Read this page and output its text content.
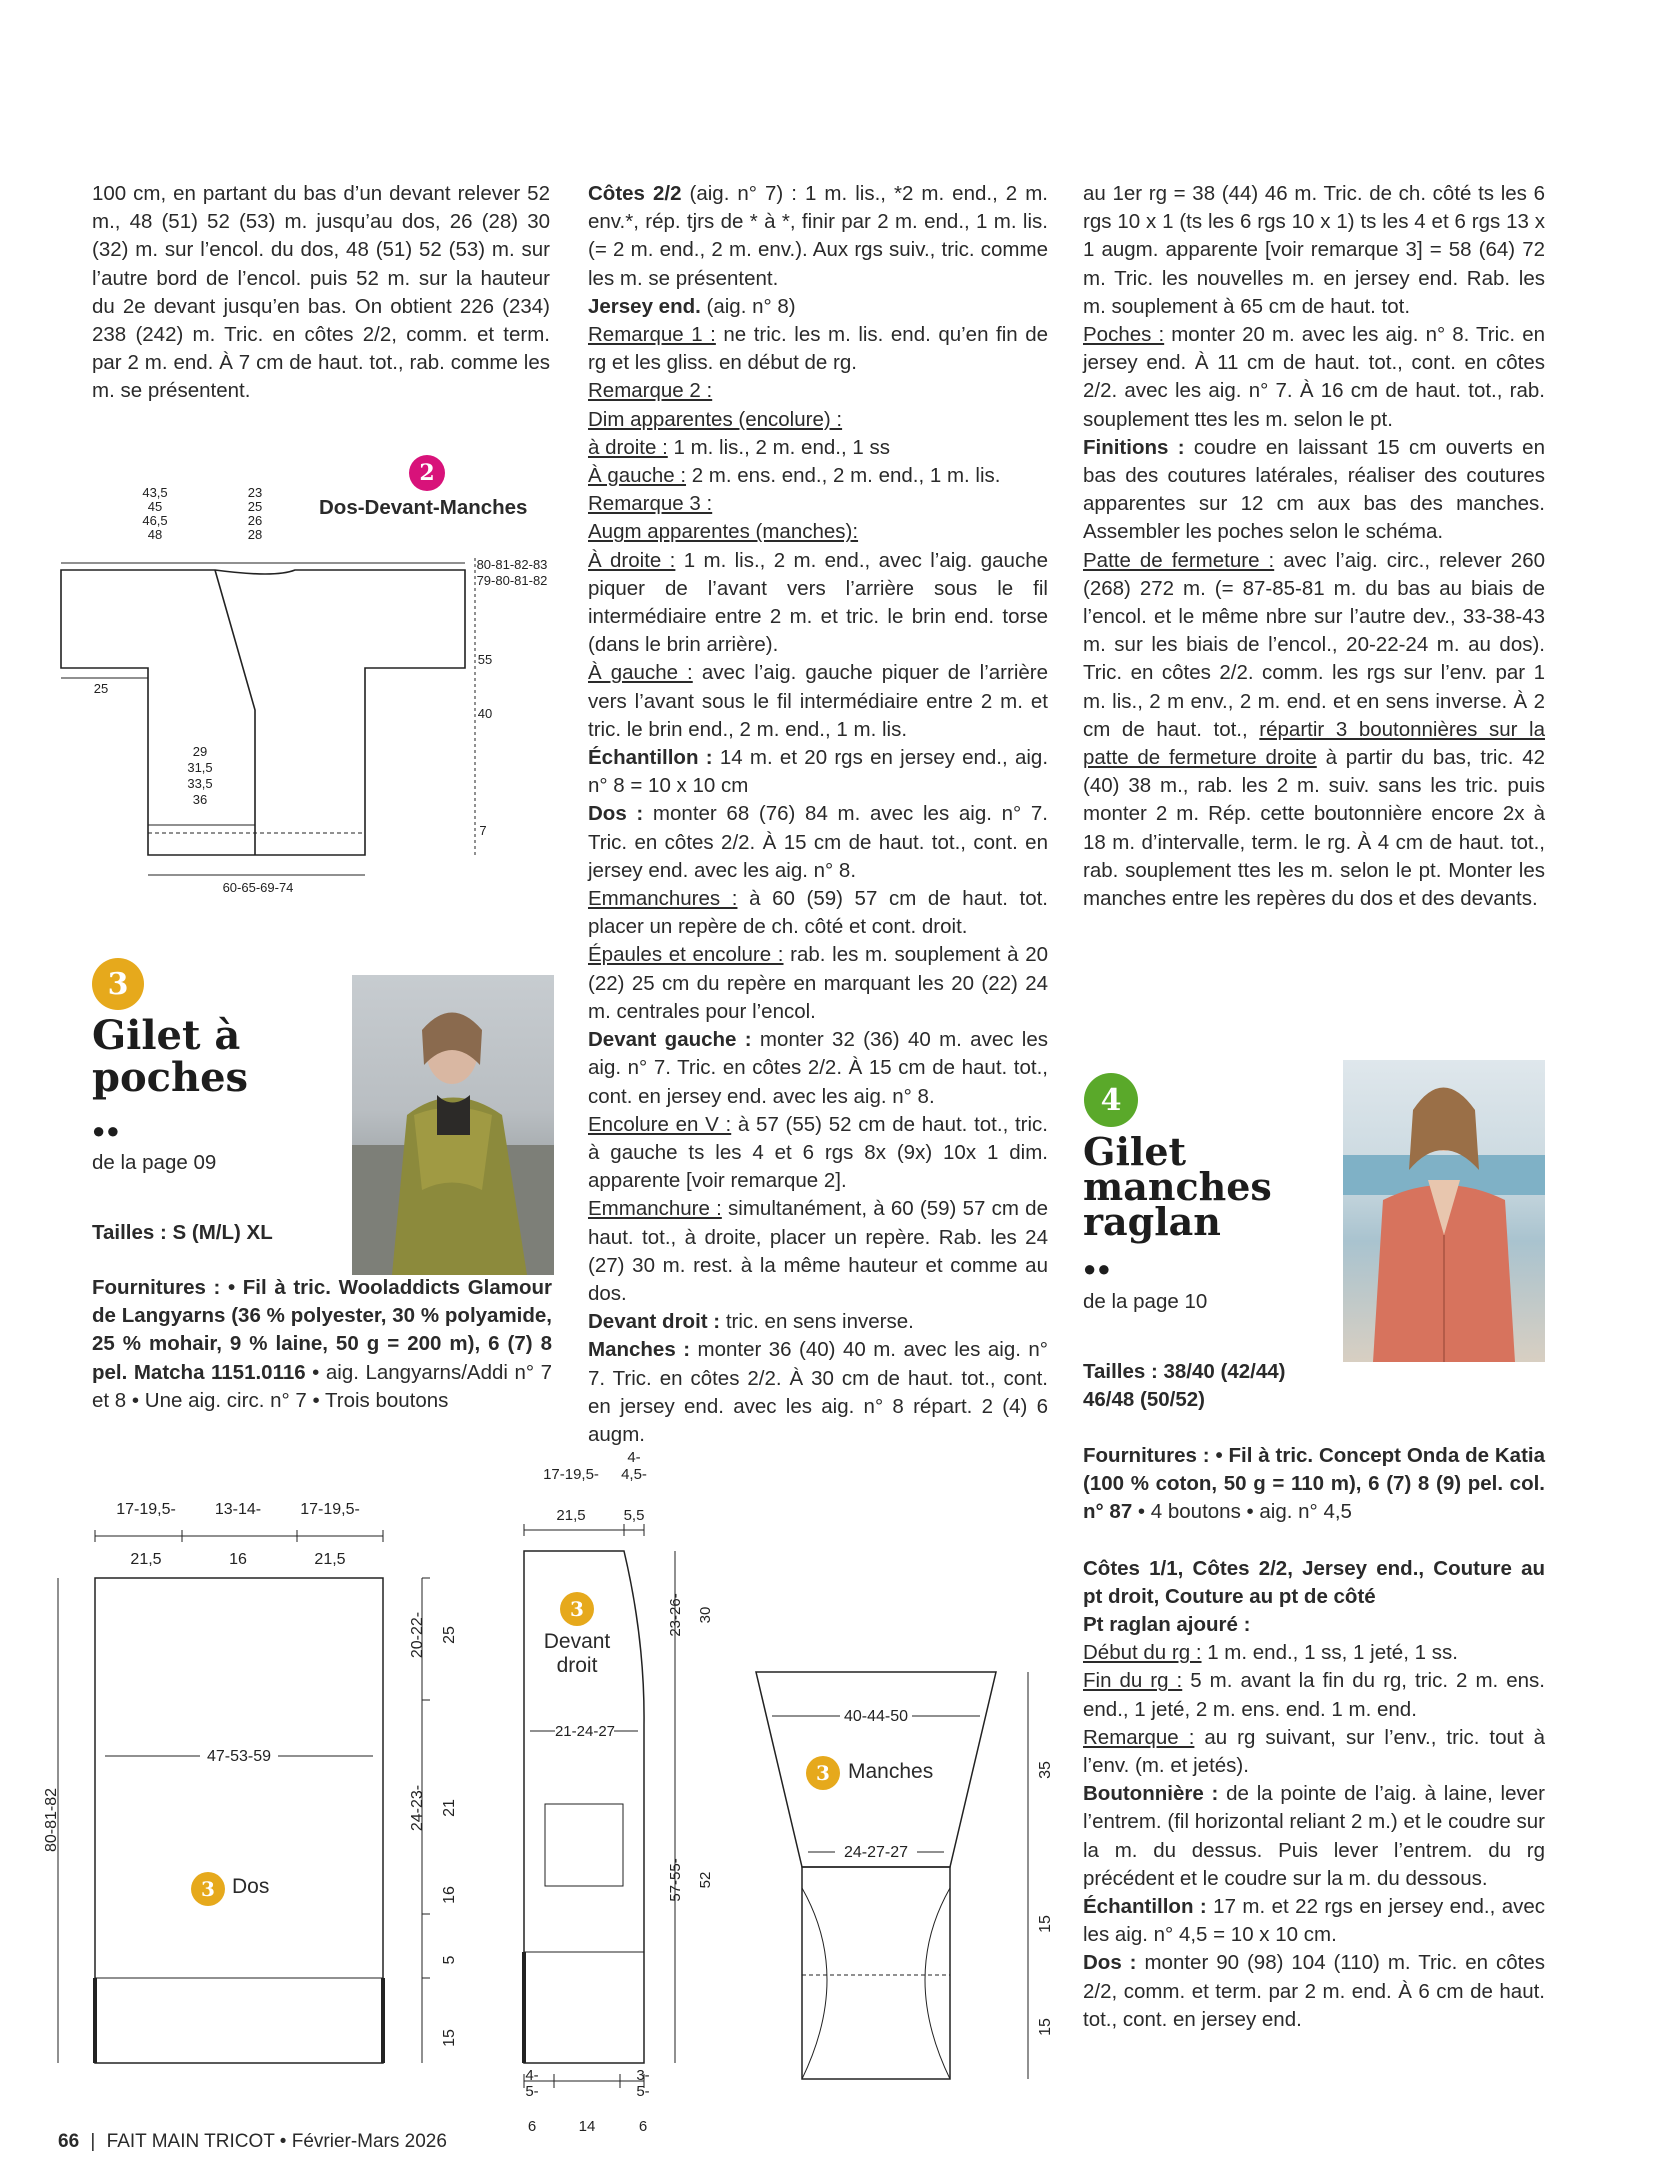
100 cm, en partant du bas d’un devant relever 52 m., 48 (51) 52 (53) m. jusqu’au dos, 26 (28) 30 (32) m. sur l’encol. du dos, 48 (51) 52 (53) m. sur l’autre bord de l’encol. puis 52 m. sur la hauteur du 2e devant jusqu’en bas. On obtient 226 (234) 238 (242) m. Tric. en côtes 2/2, comm. et term. par 2 m. end. À 7 cm de haut. tot., rab. comme les m. se présentent.

2
Dos-Devant-Manches
43,5
45
46,5
48
23
25
26
28
80-81-82-83
79-80-81-82
55
40
7
25
29
31,5
33,5
36
60-65-69-74
3
Gilet à
poches
●●
de la page 09
Tailles : S (M/L) XL

Fournitures : • Fil à tric. Wooladdicts Glamour de Langyarns (36 % polyester, 30 % polyamide, 25 % mohair, 9 % laine, 50 g = 200 m), 6 (7) 8 pel. Matcha 1151.0116 • aig. Langyarns/Addi n° 7 et 8 • Une aig. circ. n° 7 • Trois boutons

Côtes 2/2 (aig. n° 7) : 1 m. lis., *2 m. end., 2 m. env.*, rép. tjrs de * à *, finir par 2 m. end., 1 m. lis. (= 2 m. end., 2 m. env.). Aux rgs suiv., tric. comme les m. se présentent.

Jersey end. (aig. n° 8)

Remarque 1 : ne tric. les m. lis. end. qu’en fin de rg et les gliss. en début de rg.

Remarque 2 :

Dim apparentes (encolure) :

à droite : 1 m. lis., 2 m. end., 1 ss

À gauche : 2 m. ens. end., 2 m. end., 1 m. lis.

Remarque 3 :

Augm apparentes (manches):

À droite : 1 m. lis., 2 m. end., avec l’aig. gauche piquer de l’avant vers l’arrière sous le fil intermédiaire entre 2 m. et tric. le brin end. torse (dans le brin arrière).

À gauche : avec l’aig. gauche piquer de l’arrière vers l’avant sous le fil intermédiaire entre 2 m. et tric. le brin end., 2 m. end., 1 m. lis.

Échantillon : 14 m. et 20 rgs en jersey end., aig. n° 8 = 10 x 10 cm

Dos : monter 68 (76) 84 m. avec les aig. n° 7. Tric. en côtes 2/2. À 15 cm de haut. tot., cont. en jersey end. avec les aig. n° 8.

Emmanchures : à 60 (59) 57 cm de haut. tot. placer un repère de ch. côté et cont. droit.

Épaules et encolure : rab. les m. souplement à 20 (22) 25 cm du repère en marquant les 20 (22) 24 m. centrales pour l’encol.

Devant gauche : monter 32 (36) 40 m. avec les aig. n° 7. Tric. en côtes 2/2. À 15 cm de haut. tot., cont. en jersey end. avec les aig. n° 8.

Encolure en V : à 57 (55) 52 cm de haut. tot., tric. à gauche ts les 4 et 6 rgs 8x (9x) 10x 1 dim. apparente [voir remarque 2].

Emmanchure : simultanément, à 60 (59) 57 cm de haut. tot., à droite, placer un repère. Rab. les 24 (27) 30 m. rest. à la même hauteur et comme au dos.

Devant droit : tric. en sens inverse.

Manches : monter 36 (40) 40 m. avec les aig. n° 7. Tric. en côtes 2/2. À 30 cm de haut. tot., cont. en jersey end. avec les aig. n° 8 répart. 2 (4) 6 augm.

au 1er rg = 38 (44) 46 m. Tric. de ch. côté ts les 6 rgs 10 x 1 (ts les 6 rgs 10 x 1) ts les 4 et 6 rgs 13 x 1 augm. apparente [voir remarque 3] = 58 (64) 72 m. Tric. les nouvelles m. en jersey end. Rab. les m. souplement à 65 cm de haut. tot.

Poches : monter 20 m. avec les aig. n° 8. Tric. en jersey end. À 11 cm de haut. tot., cont. en côtes 2/2. avec les aig. n° 7. À 16 cm de haut. tot., rab. souplement ttes les m. selon le pt.

Finitions : coudre en laissant 15 cm ouverts en bas des coutures latérales, réaliser des coutures apparentes sur 12 cm aux bas des manches. Assembler les poches selon le schéma.

Patte de fermeture : avec l’aig. circ., relever 260 (268) 272 m. (= 87-85-81 m. du bas au biais de l’encol. et le même nbre sur l’autre dev., 33-38-43 m. sur les biais de l’encol., 20-22-24 m. au dos). Tric. en côtes 2/2. comm. les rgs sur l’env. par 1 m. lis., 2 m env., 2 m. end. et en sens inverse. À 2 cm de haut. tot., répartir 3 boutonnières sur la patte de fermeture droite à partir du bas, tric. 42 (40) 38 m., rab. les 2 m. suiv. sans les tric. puis monter 2 m. Rép. cette boutonnière encore 2x à 18 m. d’intervalle, term. le rg. À 4 cm de haut. tot., rab. souplement ttes les m. selon le pt. Monter les manches entre les repères du dos et des devants.

4
Gilet
manches
raglan
●●
de la page 10
Tailles : 38/40 (42/44)
46/48 (50/52)

Fournitures : • Fil à tric. Concept Onda de Katia (100 % coton, 50 g = 110 m), 6 (7) 8 (9) pel. col. n° 87 • 4 boutons • aig. n° 4,5

Côtes 1/1, Côtes 2/2, Jersey end., Couture au pt droit, Couture au pt de côté

Pt raglan ajouré :

Début du rg : 1 m. end., 1 ss, 1 jeté, 1 ss.

Fin du rg : 5 m. avant la fin du rg, tric. 2 m. ens. end., 1 jeté, 2 m. ens. end. 1 m. end.

Remarque : au rg suivant, sur l’env., tric. tout à l’env. (m. et jetés).

Boutonnière : de la pointe de l’aig. à laine, lever l’entrem. (fil horizontal reliant 2 m.) et le coudre sur la m. du dessus. Puis lever l’entrem. du rg précédent et le coudre sur la m. du dessous.

Échantillon : 17 m. et 22 rgs en jersey end., avec les aig. n° 4,5 = 10 x 10 cm.

Dos : monter 90 (98) 104 (110) m. Tric. en côtes 2/2, comm. et term. par 2 m. end. À 6 cm de haut. tot., cont. en jersey end.

17-19,5-
21,5
13-14-
16
17-19,5-
21,5
47-53-59
80-81-82
20-22- 25
24-23- 21
16
5
15
3 Dos
17-19,5-
21,5
4-
4,5-
5,5
21-24-27
23-26- 30
57-55- 52
4-
5-
6	14
3-
5-
6
3
Devant
droit
40-44-50
24-27-27
35
15
15
3 Manches
66 | FAIT MAIN TRICOT • Février-Mars 2026
